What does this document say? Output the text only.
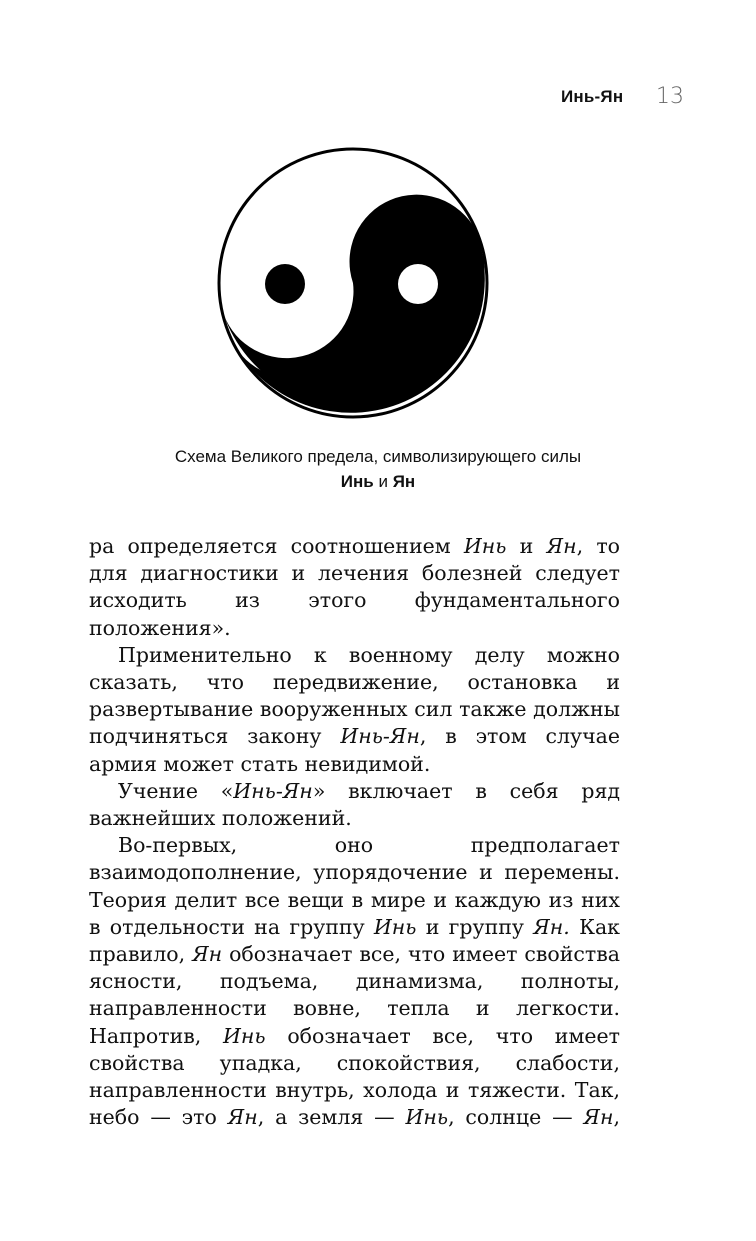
Инь-Ян 13
Схема Великого предела, символизирующего силы
Инь и Ян

ра определяется соотношением Инь и Ян, то для диагностики и лечения болезней следует исходить из этого фундаментального положения».

Применительно к военному делу можно сказать, что передвижение, остановка и развертывание вооруженных сил также должны подчиняться закону Инь-Ян, в этом случае армия может стать невидимой.

Учение «Инь-Ян» включает в себя ряд важнейших положений.

Во-первых, оно предполагает взаимодополнение, упорядочение и перемены. Теория делит все вещи в мире и каждую из них в отдельности на группу Инь и группу Ян. Как правило, Ян обозначает все, что имеет свойства ясности, подъема, динамизма, полноты, направленности вовне, тепла и легкости. Напротив, Инь обозначает все, что имеет свойства упадка, спокойствия, слабости, направленности внутрь, холода и тяжести. Так, небо — это Ян, а земля — Инь, солнце — Ян,
